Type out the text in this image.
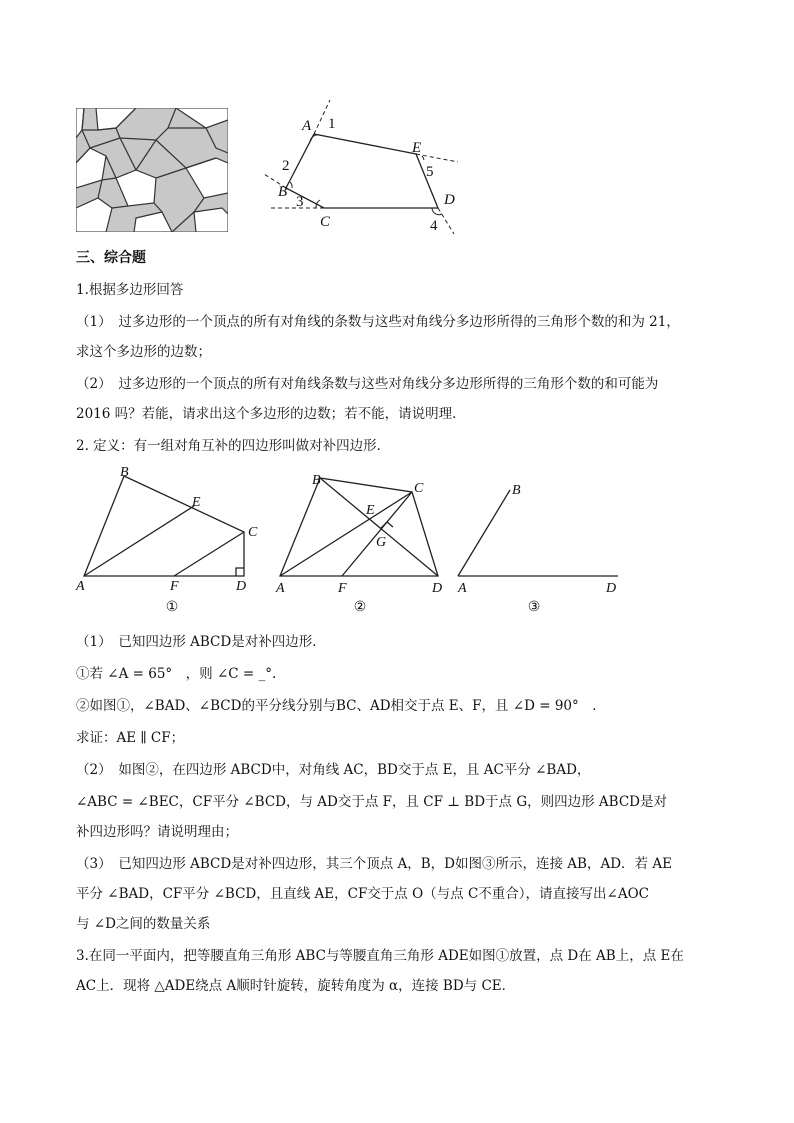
A 1
2
B
3
C
E
5
D
4
三、综合题
1.根据多边形回答
（1）　过多边形的一个顶点的所有对角线的条数与这些对角线分多边形所得的三角形个数的和为 21，
求这个多边形的边数；
（2）　过多边形的一个顶点的所有对角线条数与这些对角线分多边形所得的三角形个数的和可能为
2016 吗？若能，请求出这个多边形的边数；若不能，请说明理．
2. 定义：有一组对角互补的四边形叫做对补四边形．
A
B
C
D
E
F
①
A
B
C
D
E
F
G
②
A
B
D
③
（1）　已知四边形 ABCD是对补四边形．
①若 ∠A = 65°　，则 ∠C = _°.
②如图①，∠BAD、∠BCD的平分线分别与BC、AD相交于点 E、F，且 ∠D = 90°　．
求证：AE ∥ CF；
（2）　如图②，在四边形 ABCD中，对角线 AC，BD交于点 E，且 AC平分 ∠BAD，
∠ABC = ∠BEC，CF平分 ∠BCD，与 AD交于点 F，且 CF ⊥ BD于点 G，则四边形 ABCD是对
补四边形吗？请说明理由；
（3）　已知四边形 ABCD是对补四边形，其三个顶点 A，B，D如图③所示，连接 AB，AD．若 AE
平分 ∠BAD，CF平分 ∠BCD，且直线 AE，CF交于点 O（与点 C不重合），请直接写出∠AOC
与 ∠D之间的数量关系
3.在同一平面内，把等腰直角三角形 ABC与等腰直角三角形 ADE如图①放置，点 D在 AB上，点 E在
AC上．现将 △ADE绕点 A顺时针旋转，旋转角度为 α，连接 BD与 CE．
